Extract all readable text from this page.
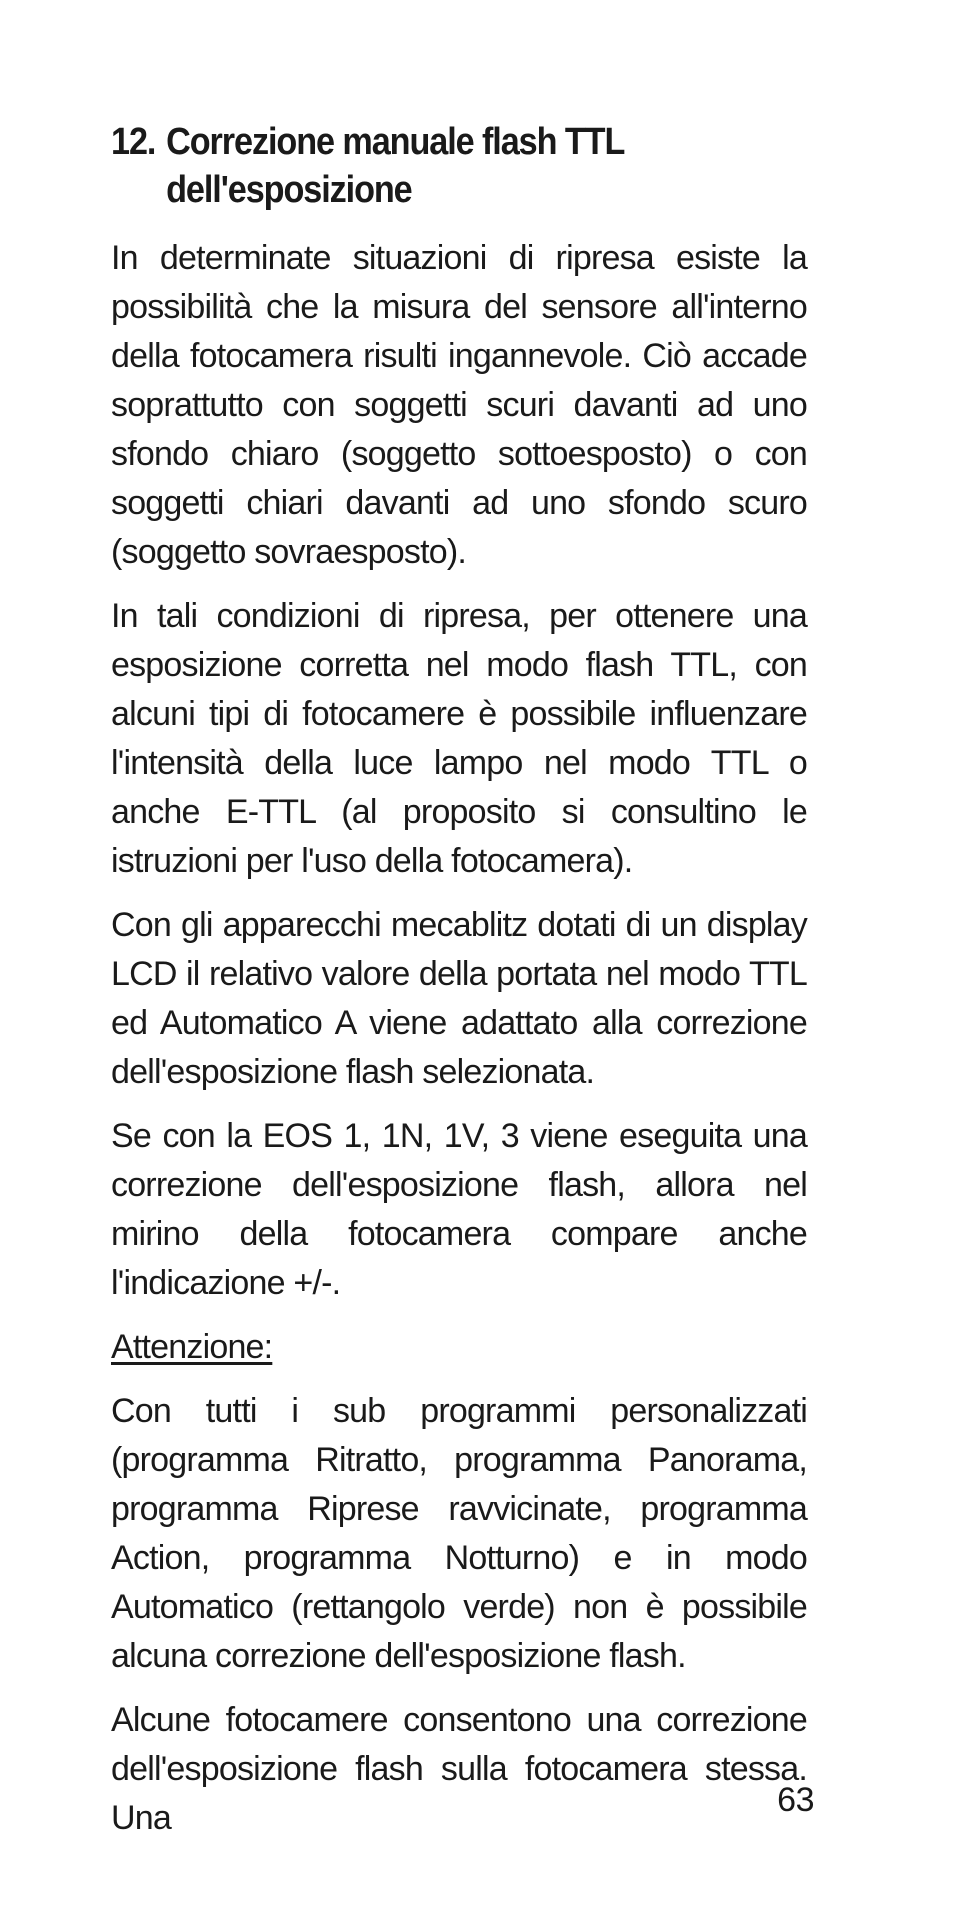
12. Correzione manuale flash TTL dell'esposizione

In determinate situazioni di ripresa esiste la possibilità che la misura del sensore all'interno della fotocamera risulti ingannevole. Ciò accade soprattutto con soggetti scuri davanti ad uno sfondo chiaro (soggetto sottoesposto) o con soggetti chiari davanti ad uno sfondo scuro (soggetto sovraesposto).

In tali condizioni di ripresa, per ottenere una esposizione corretta nel modo flash TTL, con alcuni tipi di fotocamere è possibile influenzare l'intensità della luce lampo nel modo TTL o anche E-TTL (al proposito si consultino le istruzioni per l'uso della fotocamera).

Con gli apparecchi mecablitz dotati di un display LCD il relativo valore della portata nel modo TTL ed Automatico A viene adattato alla correzione dell'esposizione flash selezionata.

Se con la EOS 1, 1N, 1V, 3 viene eseguita una correzione dell'esposizione flash, allora nel mirino della fotocamera compare anche l'indicazione +/-.

Attenzione:

Con tutti i sub programmi personalizzati (programma Ritratto, programma Panorama, programma Riprese ravvicinate, programma Action, programma Notturno) e in modo Automatico (rettangolo verde) non è possibile alcuna correzione dell'esposizione flash.

Alcune fotocamere consentono una correzione dell'esposizione flash sulla fotocamera stessa. Una	63
